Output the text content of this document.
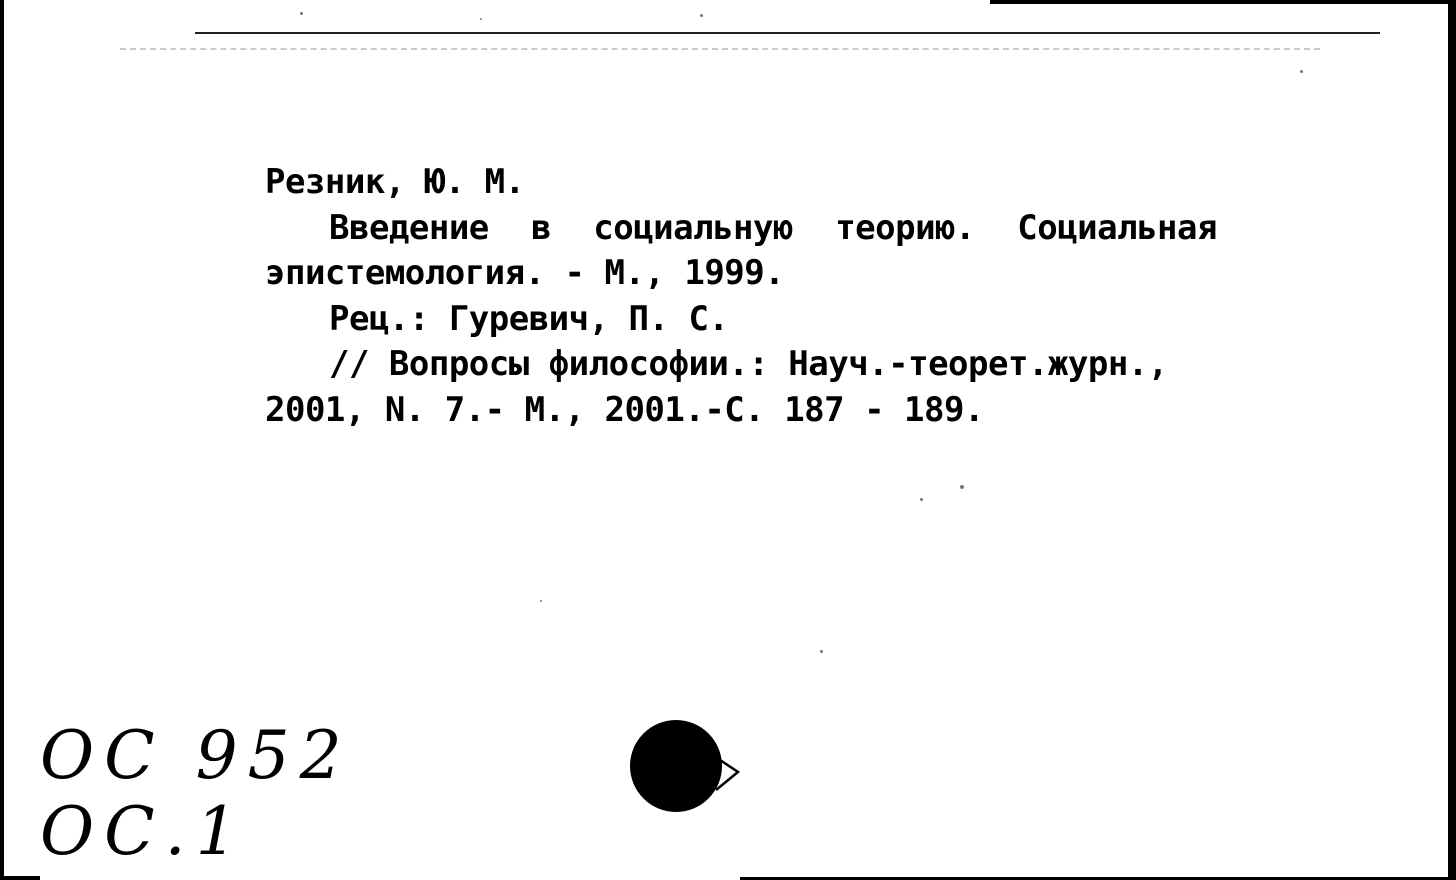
Резник, Ю. М.
Введение в социальную теорию. Социальная
эпистемология. - М., 1999.
Рец.: Гуревич, П. С.
// Вопросы философии.: Науч.-теорет.журн.,
2001, N. 7.- М., 2001.-С. 187 - 189.
ОС 952
ОС.1
